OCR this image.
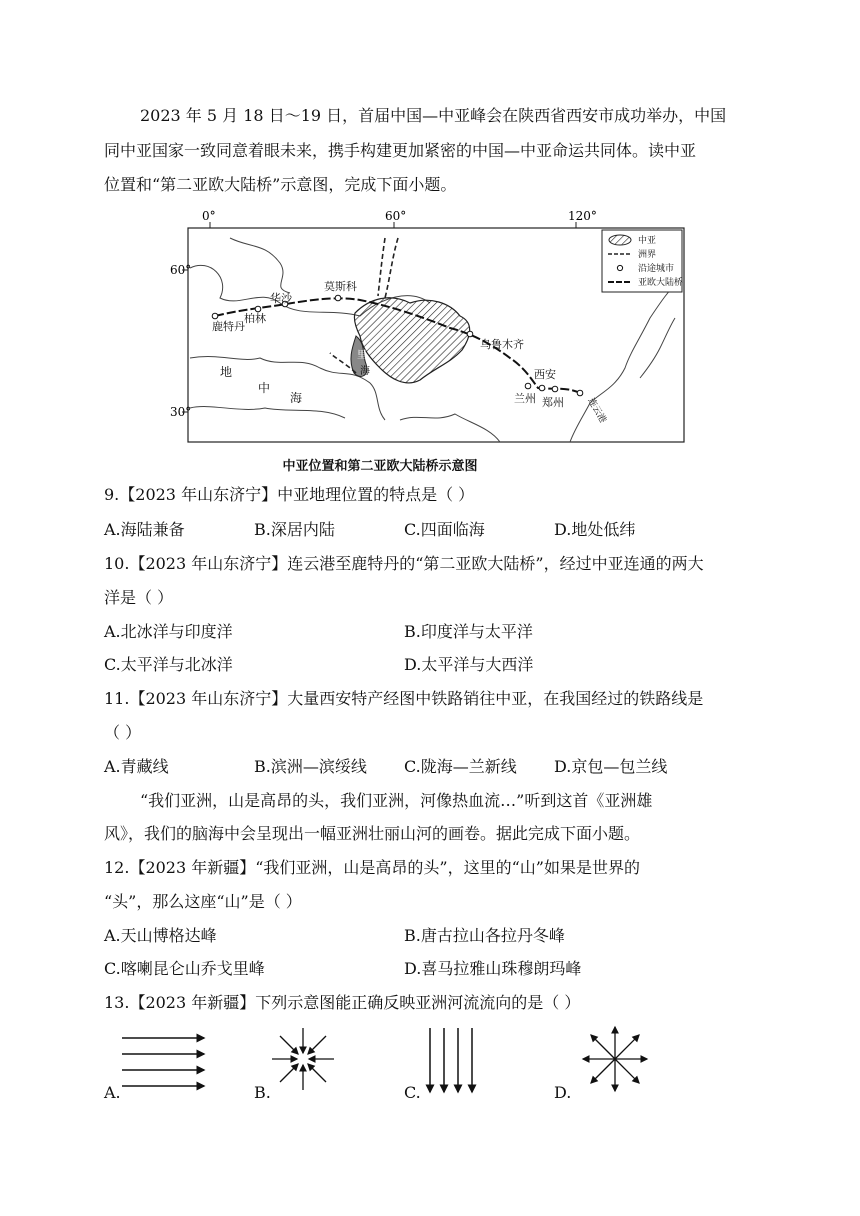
2023 年 5 月 18 日～19 日，首届中国—中亚峰会在陕西省西安市成功举办，中国
同中亚国家一致同意着眼未来，携手构建更加紧密的中国—中亚命运共同体。读中亚
位置和“第二亚欧大陆桥”示意图，完成下面小题。
0°	60°	120°
60°
30°
莫斯科
华沙
柏林
鹿特丹
乌鲁木齐
西安
兰州 郑州 连云港
地
中
海
里
海
中亚
洲界
沿途城市
亚欧大陆桥
中亚位置和第二亚欧大陆桥示意图
9.【2023 年山东济宁】中亚地理位置的特点是（ ）
A.海陆兼备	B.深居内陆	C.四面临海	D.地处低纬
10.【2023 年山东济宁】连云港至鹿特丹的“第二亚欧大陆桥”，经过中亚连通的两大
洋是（ ）
A.北冰洋与印度洋	B.印度洋与太平洋
C.太平洋与北冰洋	D.太平洋与大西洋
11.【2023 年山东济宁】大量西安特产经图中铁路销往中亚，在我国经过的铁路线是
（ ）
A.青藏线	B.滨洲—滨绥线 C.陇海—兰新线 D.京包—包兰线
“我们亚洲，山是高昂的头，我们亚洲，河像热血流…”听到这首《亚洲雄
风》，我们的脑海中会呈现出一幅亚洲壮丽山河的画卷。据此完成下面小题。
12.【2023 年新疆】“我们亚洲，山是高昂的头”，这里的“山”如果是世界的
“头”，那么这座“山”是（ ）
A.天山博格达峰	B.唐古拉山各拉丹冬峰
C.喀喇昆仑山乔戈里峰	D.喜马拉雅山珠穆朗玛峰
13.【2023 年新疆】下列示意图能正确反映亚洲河流流向的是（ ）
A.	B.	C.	D.
